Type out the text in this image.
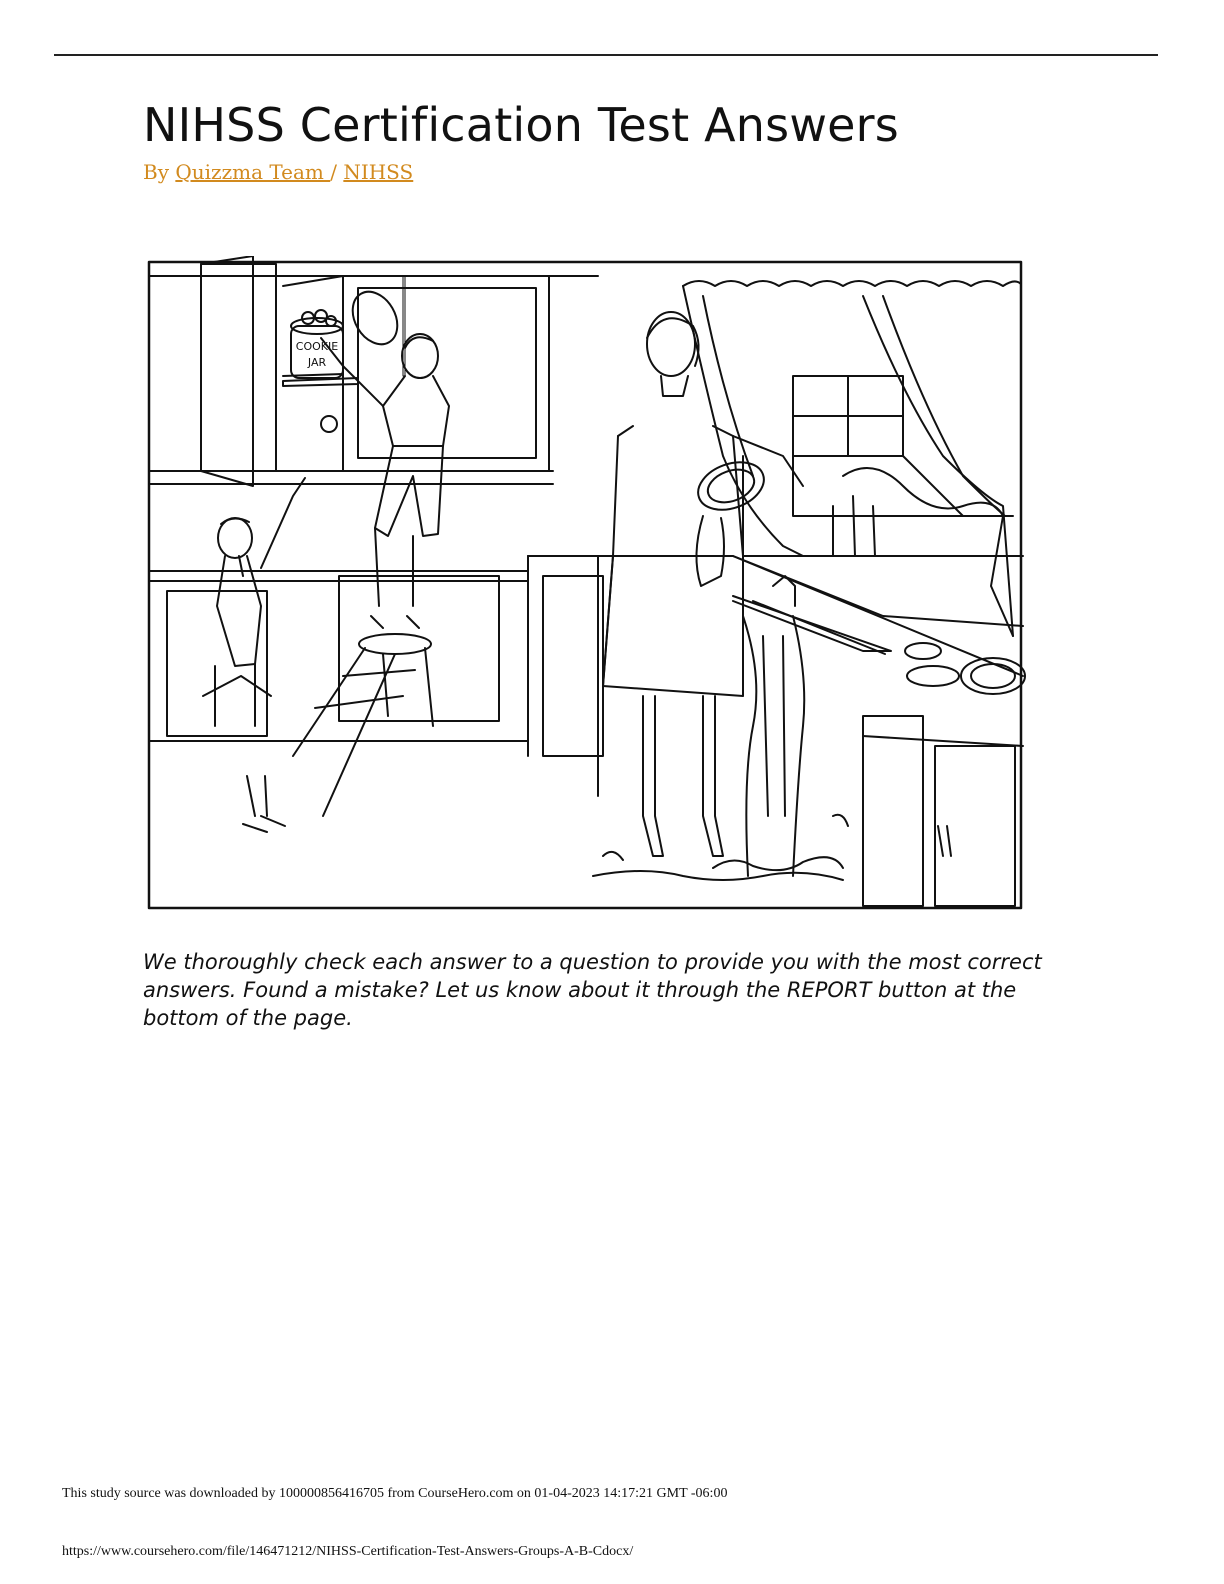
NIHSS Certification Test Answers
By Quizzma Team / NIHSS
COOKIE
JAR

We thoroughly check each answer to a question to provide you with the most correct answers. Found a mistake? Let us know about it through the REPORT button at the bottom of the page.

This study source was downloaded by 100000856416705 from CourseHero.com on 01-04-2023 14:17:21 GMT -06:00
https://www.coursehero.com/file/146471212/NIHSS-Certification-Test-Answers-Groups-A-B-Cdocx/
